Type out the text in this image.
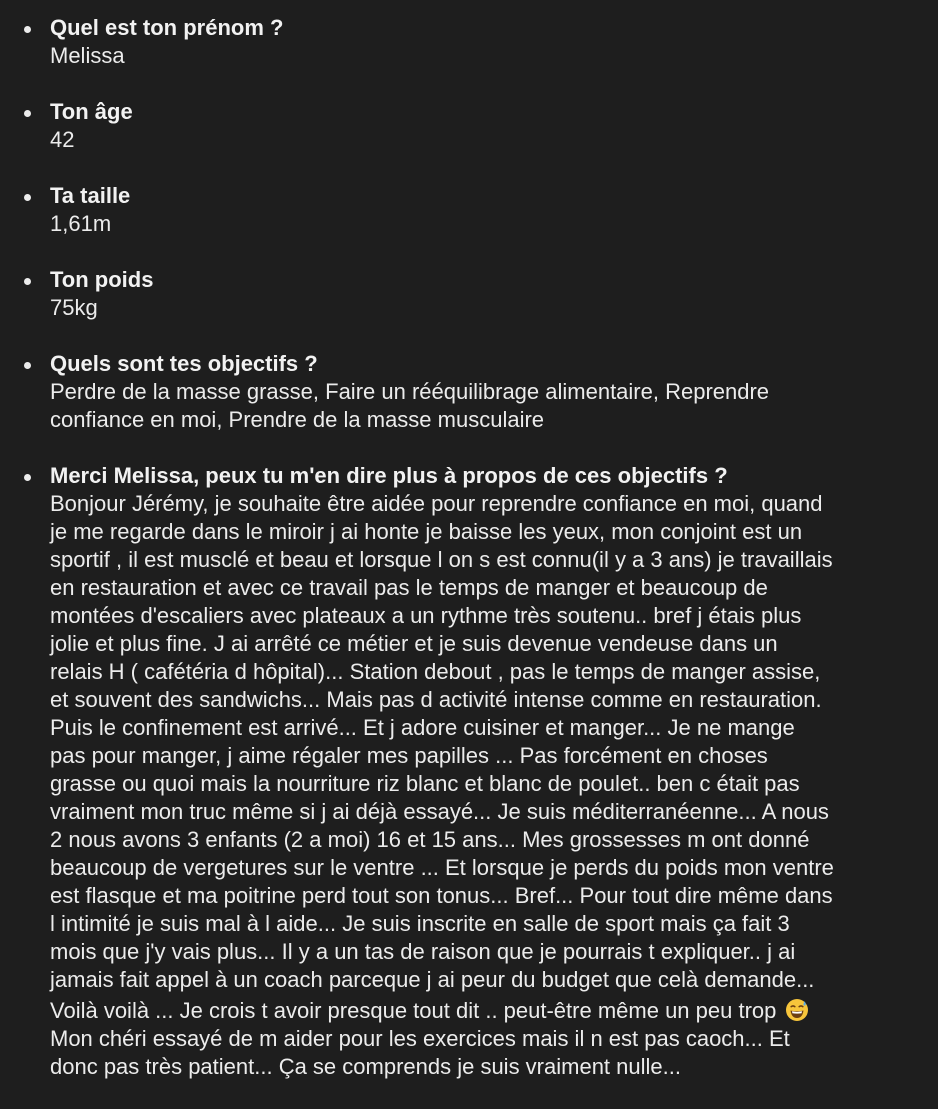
Quel est ton prénom ?
Melissa
Ton âge
42
Ta taille
1,61m
Ton poids
75kg
Quels sont tes objectifs ?
Perdre de la masse grasse, Faire un rééquilibrage alimentaire, Reprendre
confiance en moi, Prendre de la masse musculaire
Merci Melissa, peux tu m'en dire plus à propos de ces objectifs ?
Bonjour Jérémy, je souhaite être aidée pour reprendre confiance en moi, quand
je me regarde dans le miroir j ai honte je baisse les yeux, mon conjoint est un
sportif , il est musclé et beau et lorsque l on s est connu(il y a 3 ans) je travaillais
en restauration et avec ce travail pas le temps de manger et beaucoup de
montées d'escaliers avec plateaux a un rythme très soutenu.. bref j étais plus
jolie et plus fine. J ai arrêté ce métier et je suis devenue vendeuse dans un
relais H ( cafétéria d hôpital)... Station debout , pas le temps de manger assise,
et souvent des sandwichs... Mais pas d activité intense comme en restauration.
Puis le confinement est arrivé... Et j adore cuisiner et manger... Je ne mange
pas pour manger, j aime régaler mes papilles ... Pas forcément en choses
grasse ou quoi mais la nourriture riz blanc et blanc de poulet.. ben c était pas
vraiment mon truc même si j ai déjà essayé... Je suis méditerranéenne... A nous
2 nous avons 3 enfants (2 a moi) 16 et 15 ans... Mes grossesses m ont donné
beaucoup de vergetures sur le ventre ... Et lorsque je perds du poids mon ventre
est flasque et ma poitrine perd tout son tonus... Bref... Pour tout dire même dans
l intimité je suis mal à l aide... Je suis inscrite en salle de sport mais ça fait 3
mois que j'y vais plus... Il y a un tas de raison que je pourrais t expliquer.. j ai
jamais fait appel à un coach parceque j ai peur du budget que celà demande...
Voilà voilà ... Je crois t avoir presque tout dit .. peut-être même un peu trop

Mon chéri essayé de m aider pour les exercices mais il n est pas caoch... Et
donc pas très patient... Ça se comprends je suis vraiment nulle...
